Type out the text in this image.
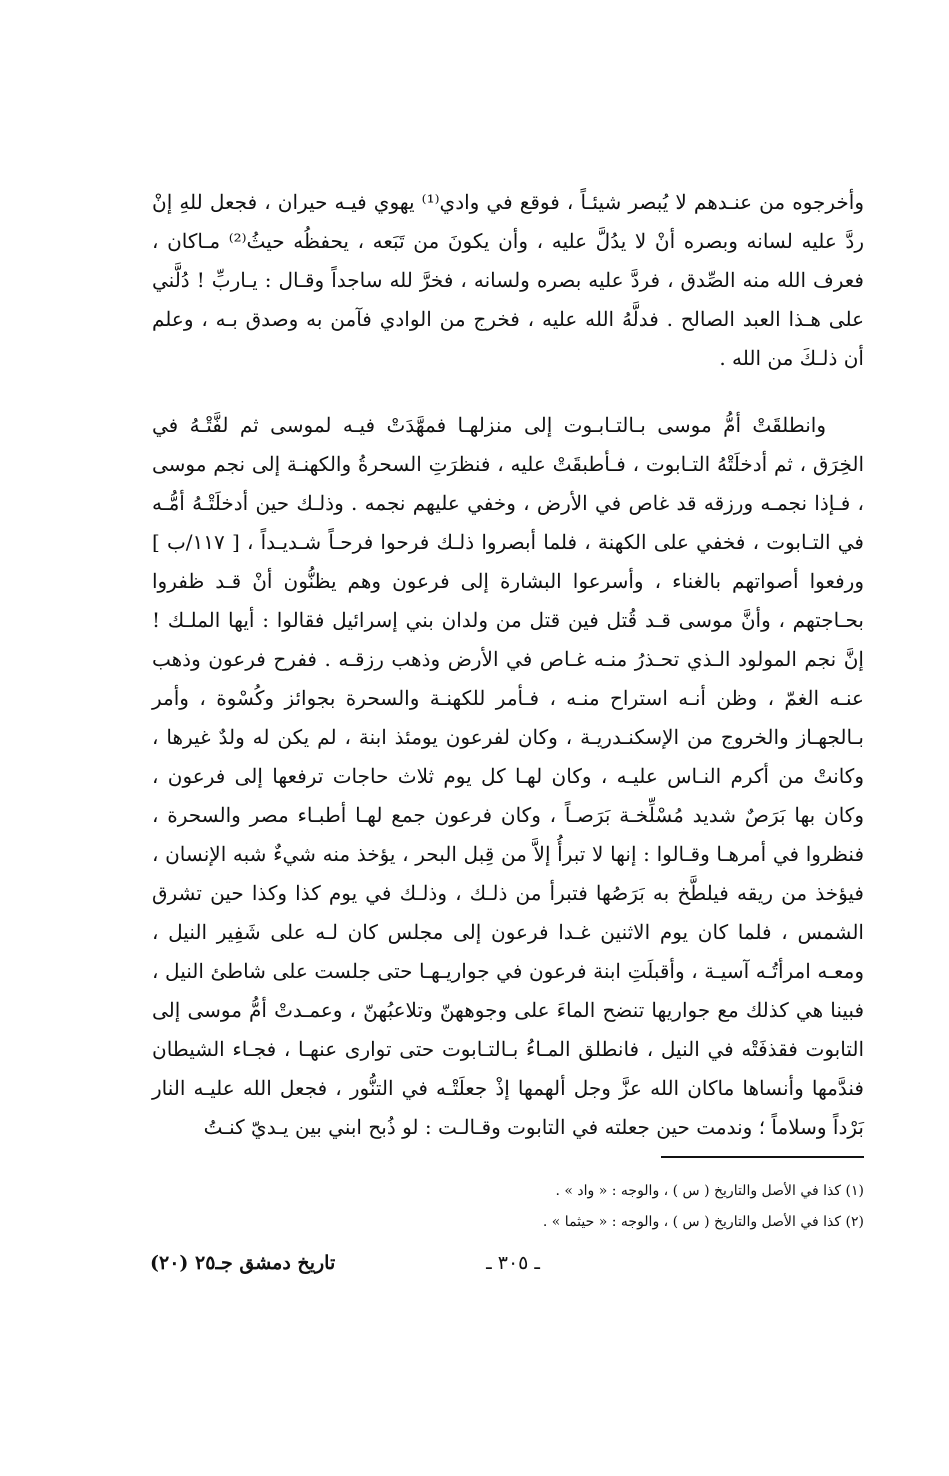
وأخرجوه من عنـدهم لا يُبصر شيئـاً ، فوقع في وادي⁽¹⁾ يهوي فيـه حيران ، فجعل للهِ إنْ ردَّ عليه لسانه وبصره أنْ لا يدُلَّ عليه ، وأن يكونَ من تَبَعه ، يحفظُه حيثُ⁽²⁾ مـاكان ، فعرف الله منه الصِّدق ، فردَّ عليه بصره ولسانه ، فخرَّ لله ساجداً وقـال : يـاربِّ ! دُلَّني على هـذا العبد الصالح . فدلَّهُ الله عليه ، فخرج من الوادي فآمن به وصدق بـه ، وعلم أن ذلـكَ من الله .

وانطلقَتْ أمُّ موسى بـالتـابـوت إلى منزلهـا فمهَّدَتْ فيـه لموسى ثم لفَّتْـهُ في الخِرَق ، ثم أدخلَتْهُ التـابوت ، فـأطبقَتْ عليه ، فنظرَتِ السحرةُ والكهنـة إلى نجم موسى ، فـإذا نجمـه ورزقه قد غاص في الأرض ، وخفي عليهم نجمه . وذلـك حين أدخلَتْـهُ أمُّـه في التـابوت ، فخفي على الكهنة ، فلما أبصروا ذلـك فرحوا فرحـاً شـديـداً ، [ ١١٧/ب ] ورفعوا أصواتهم بالغناء ، وأسرعوا البشارة إلى فرعون وهم يظنُّون أنْ قـد ظفروا بحـاجتهم ، وأنَّ موسى قـد قُتل فين قتل من ولدان بني إسرائيل فقالوا : أيها الملـك ! إنَّ نجم المولود الـذي تحـذرُ منـه غـاص في الأرض وذهب رزقـه . ففرح فرعون وذهب عنـه الغمّ ، وظن أنـه استراح منـه ، فـأمر للكهنـة والسحرة بجوائز وكُسْوة ، وأمر بـالجهـاز والخروج من الإسكنـدريـة ، وكان لفرعون يومئذ ابنة ، لم يكن له ولدٌ غيرها ، وكانتْ من أكرم النـاس عليـه ، وكان لهـا كل يوم ثلاث حاجات ترفعها إلى فرعون ، وكان بها بَرَصٌ شديد مُسْلِّخـة بَرَصـاً ، وكان فرعون جمع لهـا أطبـاء مصر والسحرة ، فنظروا في أمرهـا وقـالوا : إنها لا تبرأُ إلاَّ من قِبل البحر ، يؤخذ منه شيءٌ شبه الإنسان ، فيؤخذ من ريقه فيلطَّخ به بَرَصُها فتبرأ من ذلـك ، وذلـك في يوم كذا وكذا حين تشرق الشمس ، فلما كان يوم الاثنين غـدا فرعون إلى مجلس كان لـه على شَفِير النيل ، ومعـه امرأتُـه آسيـة ، وأقبلَتِ ابنة فرعون في جواريـهـا حتى جلست على شاطئ النيل ، فبينا هي كذلك مع جواريها تنضح الماءَ على وجوههنّ وتلاعبُهنّ ، وعمـدتْ أمُّ موسى إلى التابوت فقذفَتْه في النيل ، فانطلق المـاءُ بـالتـابوت حتى توارى عنهـا ، فجـاء الشيطان فندَّمها وأنساها ماكان الله عزَّ وجل ألهمها إذْ جعلَتْـه في التنُّور ، فجعل الله عليـه النار بَرْداً وسلاماً ؛ وندمت حين جعلته في التابوت وقـالـت : لو ذُبح ابني بين يـديّ كنـتُ

(١) كذا في الأصل والتاريخ ( س ) ، والوجه : « واد » .
(٢) كذا في الأصل والتاريخ ( س ) ، والوجه : « حيثما » .
ـ ٣٠٥ ـ
تاريخ دمشق جـ٢٥ (٢٠)
